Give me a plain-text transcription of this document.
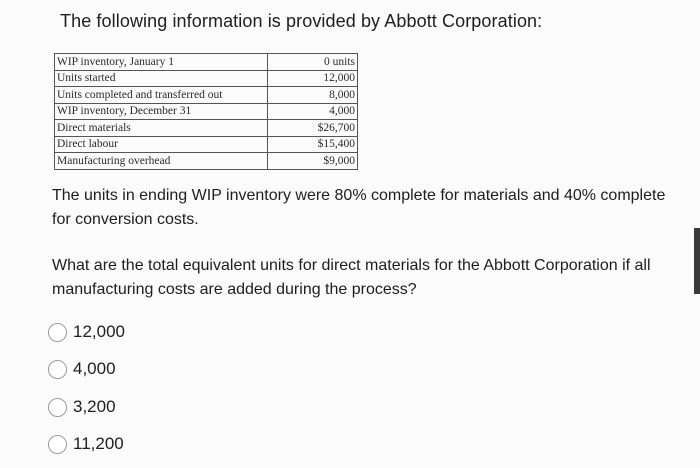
The following information is provided by Abbott Corporation:
WIP inventory, January 1	0 units
Units started	12,000
Units completed and transferred out	8,000
WIP inventory, December 31	4,000
Direct materials	$26,700
Direct labour	$15,400
Manufacturing overhead	$9,000
The units in ending WIP inventory were 80% complete for materials and 40% complete for conversion costs.
What are the total equivalent units for direct materials for the Abbott Corporation if all manufacturing costs are added during the process?
12,000
4,000
3,200
11,200
